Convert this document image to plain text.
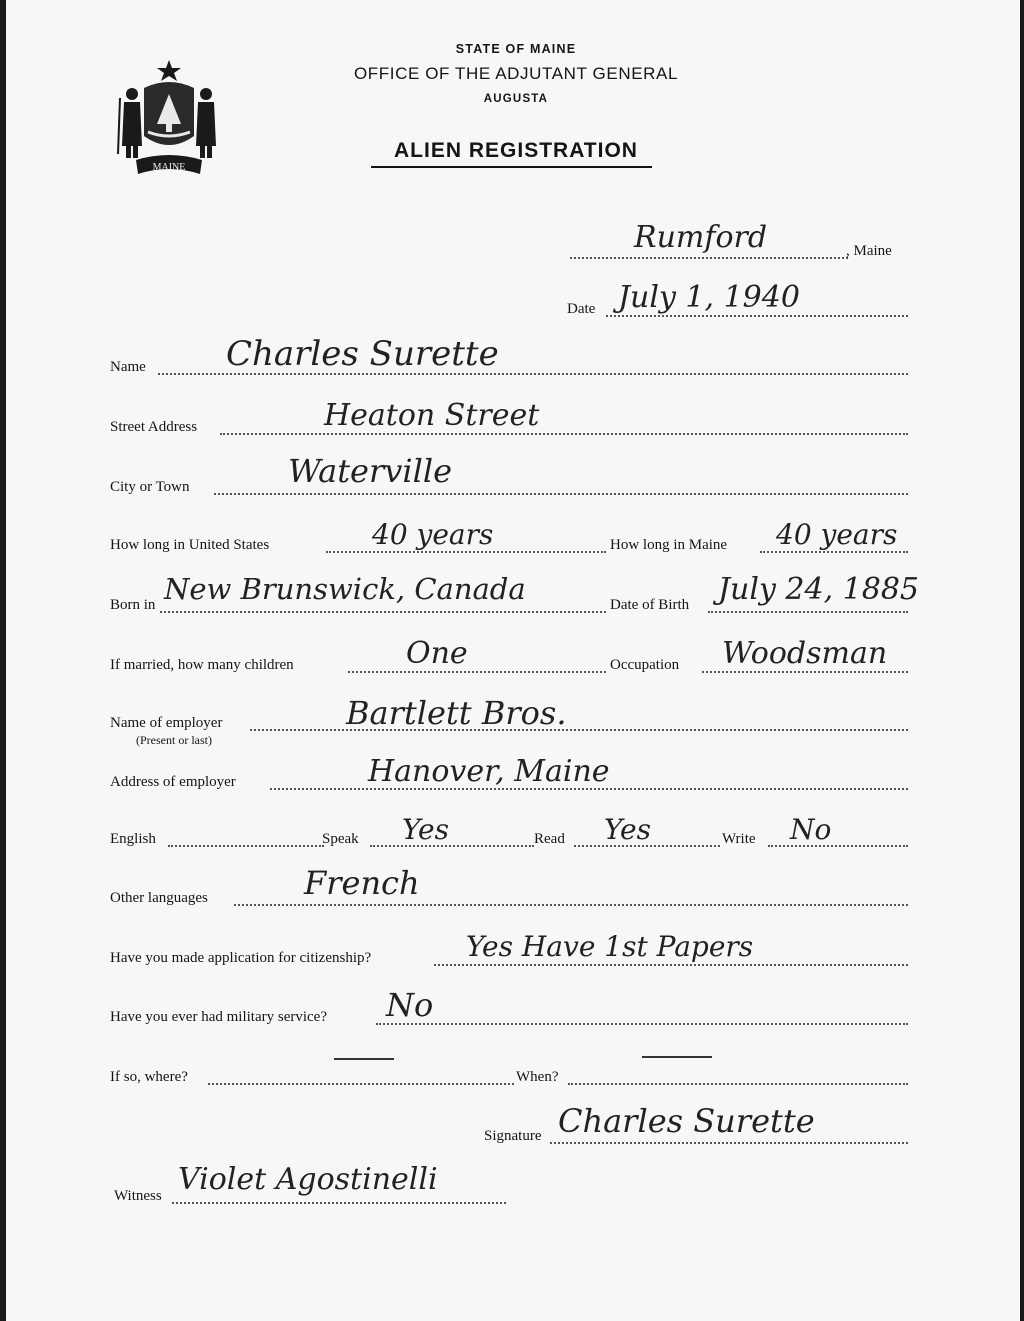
MAINE
STATE OF MAINE
OFFICE OF THE ADJUTANT GENERAL
AUGUSTA
ALIEN REGISTRATION
Rumford	, Maine
Date July 1, 1940
Name Charles Surette
Street Address	Heaton Street
City or Town	Waterville
How long in United States	40 years	How long in Maine 40 years
Born in New Brunswick, Canada	Date of Birth July 24, 1885
If married, how many children	One	Occupation Woodsman
Name of employer
(Present or last)
Bartlett Bros.
Address of employer	Hanover, Maine
English	Speak Yes	Read Yes	Write No
Other languages	French
Have you made application for citizenship?	Yes Have 1st Papers
Have you ever had military service? No
If so, where?	When?
Signature Charles Surette
Witness Violet Agostinelli
